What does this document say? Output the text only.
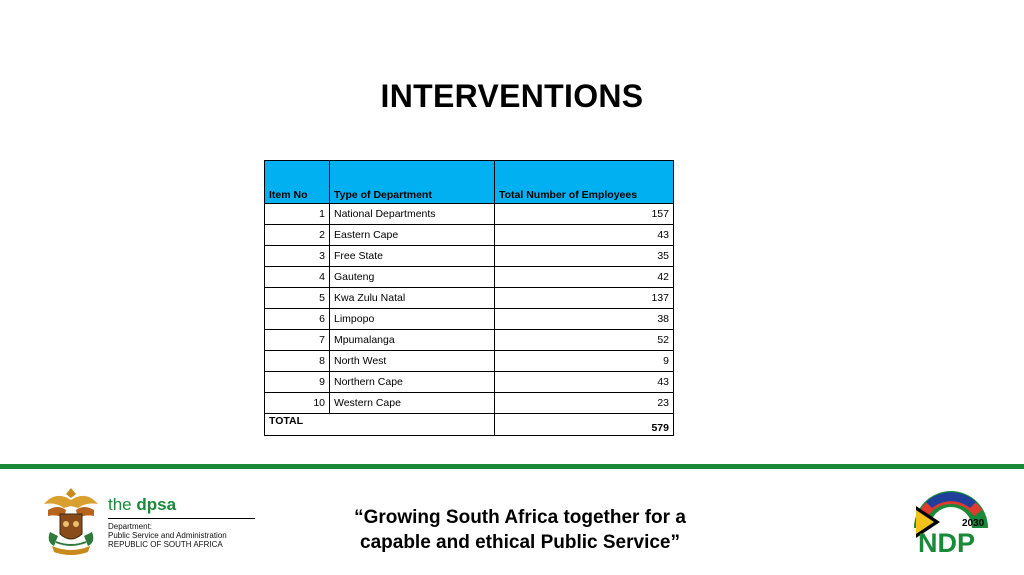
INTERVENTIONS
Item No	Type of Department	Total Number of Employees
1	National Departments	157
2	Eastern Cape	43
3	Free State	35
4	Gauteng	42
5	Kwa Zulu Natal	137
6	Limpopo	38
7	Mpumalanga	52
8	North West	9
9	Northern Cape	43
10	Western Cape	23
TOTAL		579
the dpsa
Department:
Public Service and Administration
REPUBLIC OF SOUTH AFRICA
“Growing South Africa together for a
capable and ethical Public Service”
2030
NDP
